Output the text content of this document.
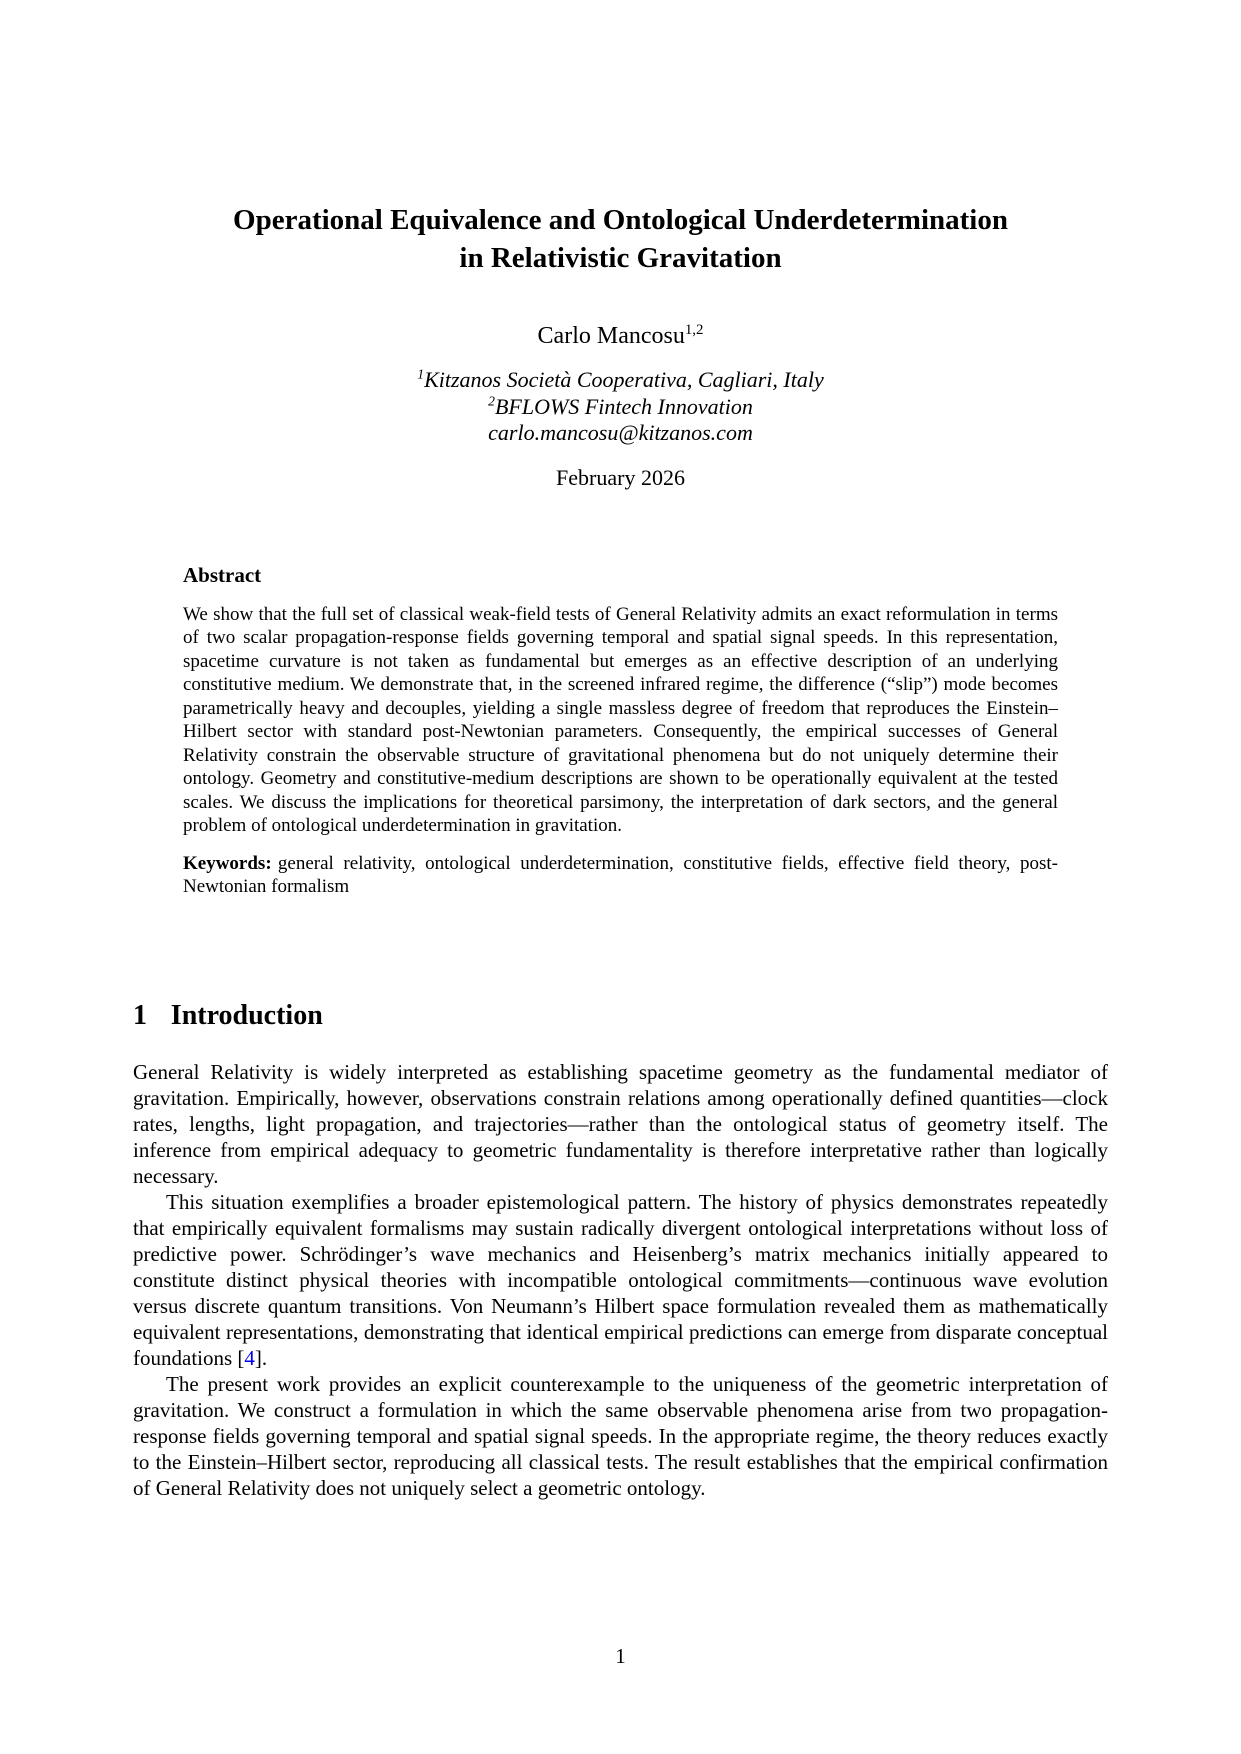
Operational Equivalence and Ontological Underdetermination
in Relativistic Gravitation
Carlo Mancosu$^{1,2}$
$^1$Kitzanos Società Cooperativa, Cagliari, Italy
$^2$BFLOWS Fintech Innovation
carlo.mancosu@kitzanos.com
February 2026
Abstract

We show that the full set of classical weak-field tests of General Relativity admits an exact reformulation in terms of two scalar propagation-response fields governing temporal and spatial signal speeds. In this representation, spacetime curvature is not taken as fundamental but emerges as an effective description of an underlying constitutive medium. We demonstrate that, in the screened infrared regime, the difference (“slip”) mode becomes parametrically heavy and decouples, yielding a single massless degree of freedom that reproduces the Einstein–Hilbert sector with standard post-Newtonian parameters. Consequently, the empirical successes of General Relativity constrain the observable structure of gravitational phenomena but do not uniquely determine their ontology. Geometry and constitutive-medium descriptions are shown to be operationally equivalent at the tested scales. We discuss the implications for theoretical parsimony, the interpretation of dark sectors, and the general problem of ontological underdetermination in gravitation.

Keywords: general relativity, ontological underdetermination, constitutive fields, effective field theory, post-Newtonian formalism

1 Introduction

General Relativity is widely interpreted as establishing spacetime geometry as the fundamental mediator of gravitation. Empirically, however, observations constrain relations among operationally defined quantities—clock rates, lengths, light propagation, and trajectories—rather than the ontological status of geometry itself. The inference from empirical adequacy to geometric fundamentality is therefore interpretative rather than logically necessary.

This situation exemplifies a broader epistemological pattern. The history of physics demonstrates repeatedly that empirically equivalent formalisms may sustain radically divergent ontological interpretations without loss of predictive power. Schrödinger’s wave mechanics and Heisenberg’s matrix mechanics initially appeared to constitute distinct physical theories with incompatible ontological commitments—continuous wave evolution versus discrete quantum transitions. Von Neumann’s Hilbert space formulation revealed them as mathematically equivalent representations, demonstrating that identical empirical predictions can emerge from disparate conceptual foundations [4].

The present work provides an explicit counterexample to the uniqueness of the geometric interpretation of gravitation. We construct a formulation in which the same observable phenomena arise from two propagation-response fields governing temporal and spatial signal speeds. In the appropriate regime, the theory reduces exactly to the Einstein–Hilbert sector, reproducing all classical tests. The result establishes that the empirical confirmation of General Relativity does not uniquely select a geometric ontology.

1
